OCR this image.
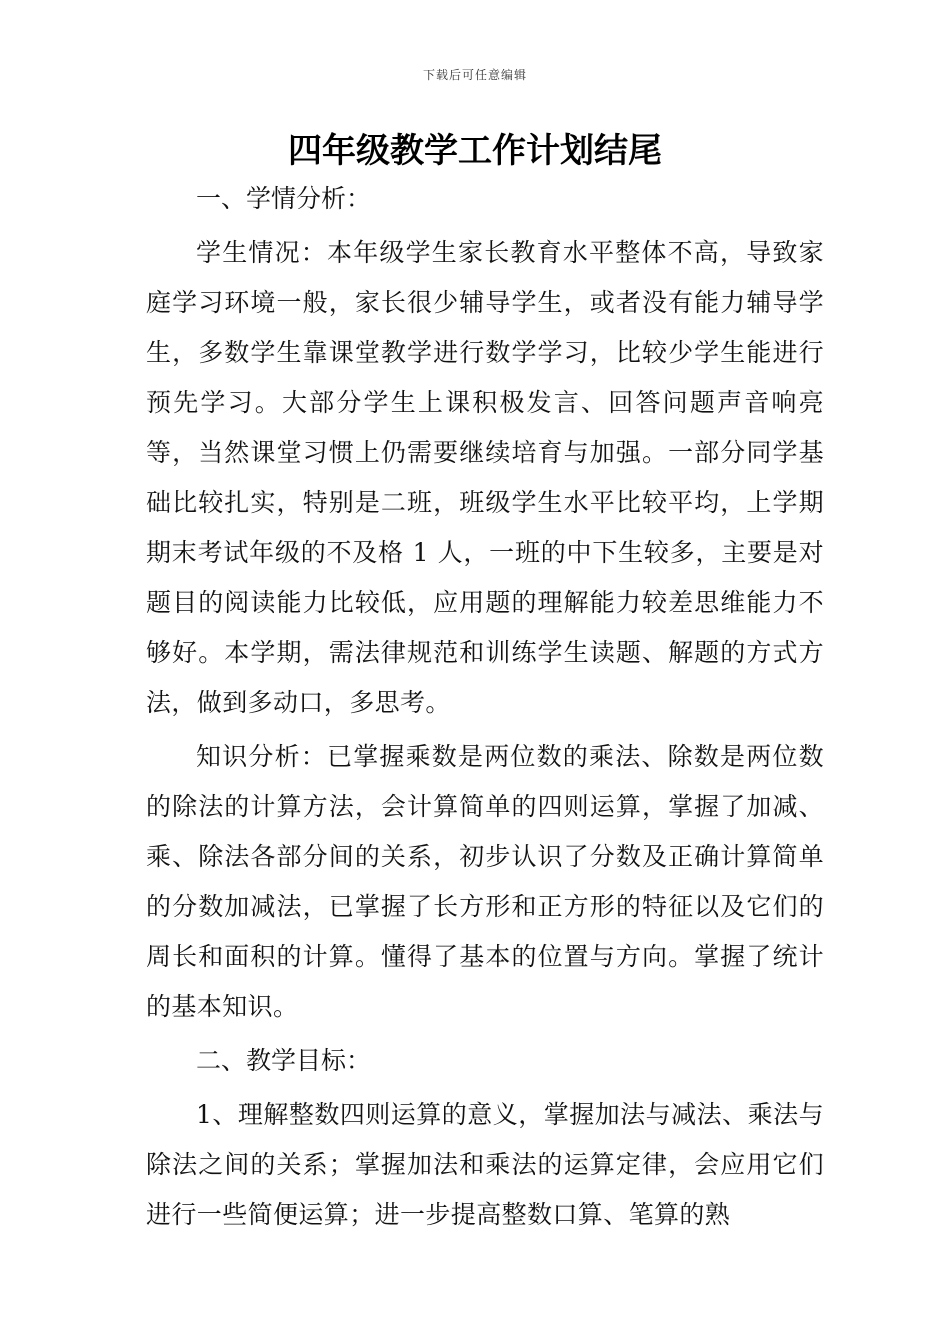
下载后可任意编辑
四年级教学工作计划结尾

一、学情分析：

学生情况：本年级学生家长教育水平整体不高，导致家庭学习环境一般，家长很少辅导学生，或者没有能力辅导学生，多数学生靠课堂教学进行数学学习，比较少学生能进行预先学习。大部分学生上课积极发言、回答问题声音响亮等，当然课堂习惯上仍需要继续培育与加强。一部分同学基础比较扎实，特别是二班，班级学生水平比较平均，上学期期末考试年级的不及格 1 人，一班的中下生较多，主要是对题目的阅读能力比较低，应用题的理解能力较差思维能力不够好。本学期，需法律规范和训练学生读题、解题的方式方法，做到多动口，多思考。

知识分析：已掌握乘数是两位数的乘法、除数是两位数的除法的计算方法，会计算简单的四则运算，掌握了加减、乘、除法各部分间的关系，初步认识了分数及正确计算简单的分数加减法，已掌握了长方形和正方形的特征以及它们的周长和面积的计算。懂得了基本的位置与方向。掌握了统计的基本知识。

二、教学目标：

1、理解整数四则运算的意义，掌握加法与减法、乘法与除法之间的关系；掌握加法和乘法的运算定律，会应用它们进行一些简便运算；进一步提高整数口算、笔算的熟
